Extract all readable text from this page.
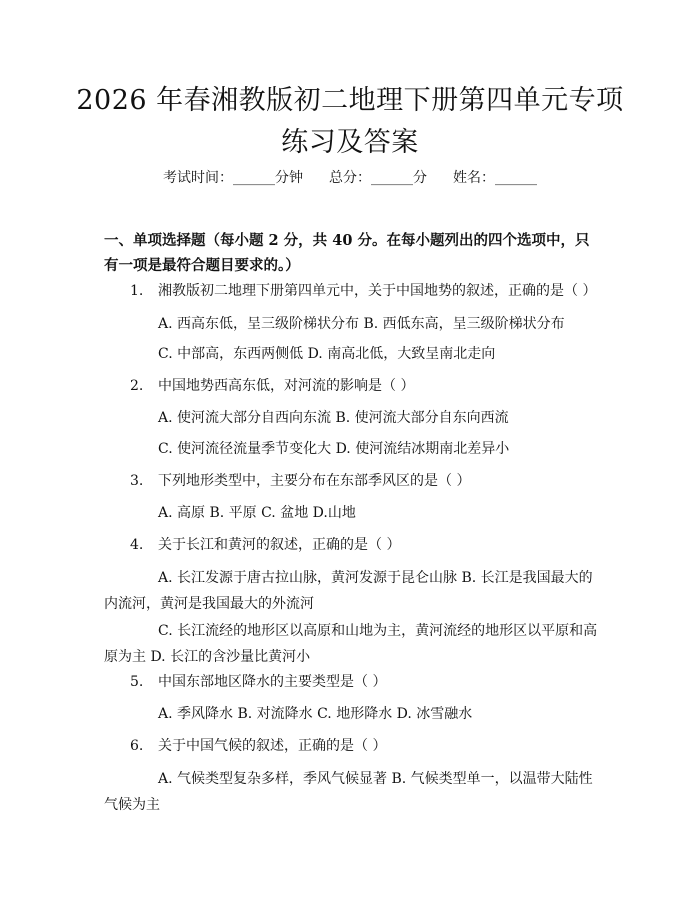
2026 年春湘教版初二地理下册第四单元专项
练习及答案
考试时间：______分钟 总分：______分 姓名：______
一、单项选择题（每小题 2 分，共 40 分。在每小题列出的四个选项中，只有一项是最符合题目要求的。）
1. 湘教版初二地理下册第四单元中，关于中国地势的叙述，正确的是（ ）
A. 西高东低，呈三级阶梯状分布 B. 西低东高，呈三级阶梯状分布
C. 中部高，东西两侧低 D. 南高北低，大致呈南北走向
2. 中国地势西高东低，对河流的影响是（ ）
A. 使河流大部分自西向东流 B. 使河流大部分自东向西流
C. 使河流径流量季节变化大 D. 使河流结冰期南北差异小
3. 下列地形类型中，主要分布在东部季风区的是（ ）
A. 高原 B. 平原 C. 盆地 D.山地
4. 关于长江和黄河的叙述，正确的是（ ）
A. 长江发源于唐古拉山脉，黄河发源于昆仑山脉 B. 长江是我国最大的内流河，黄河是我国最大的外流河
C. 长江流经的地形区以高原和山地为主，黄河流经的地形区以平原和高原为主 D. 长江的含沙量比黄河小
5. 中国东部地区降水的主要类型是（ ）
A. 季风降水 B. 对流降水 C. 地形降水 D. 冰雪融水
6. 关于中国气候的叙述，正确的是（ ）
A. 气候类型复杂多样，季风气候显著 B. 气候类型单一，以温带大陆性气候为主
